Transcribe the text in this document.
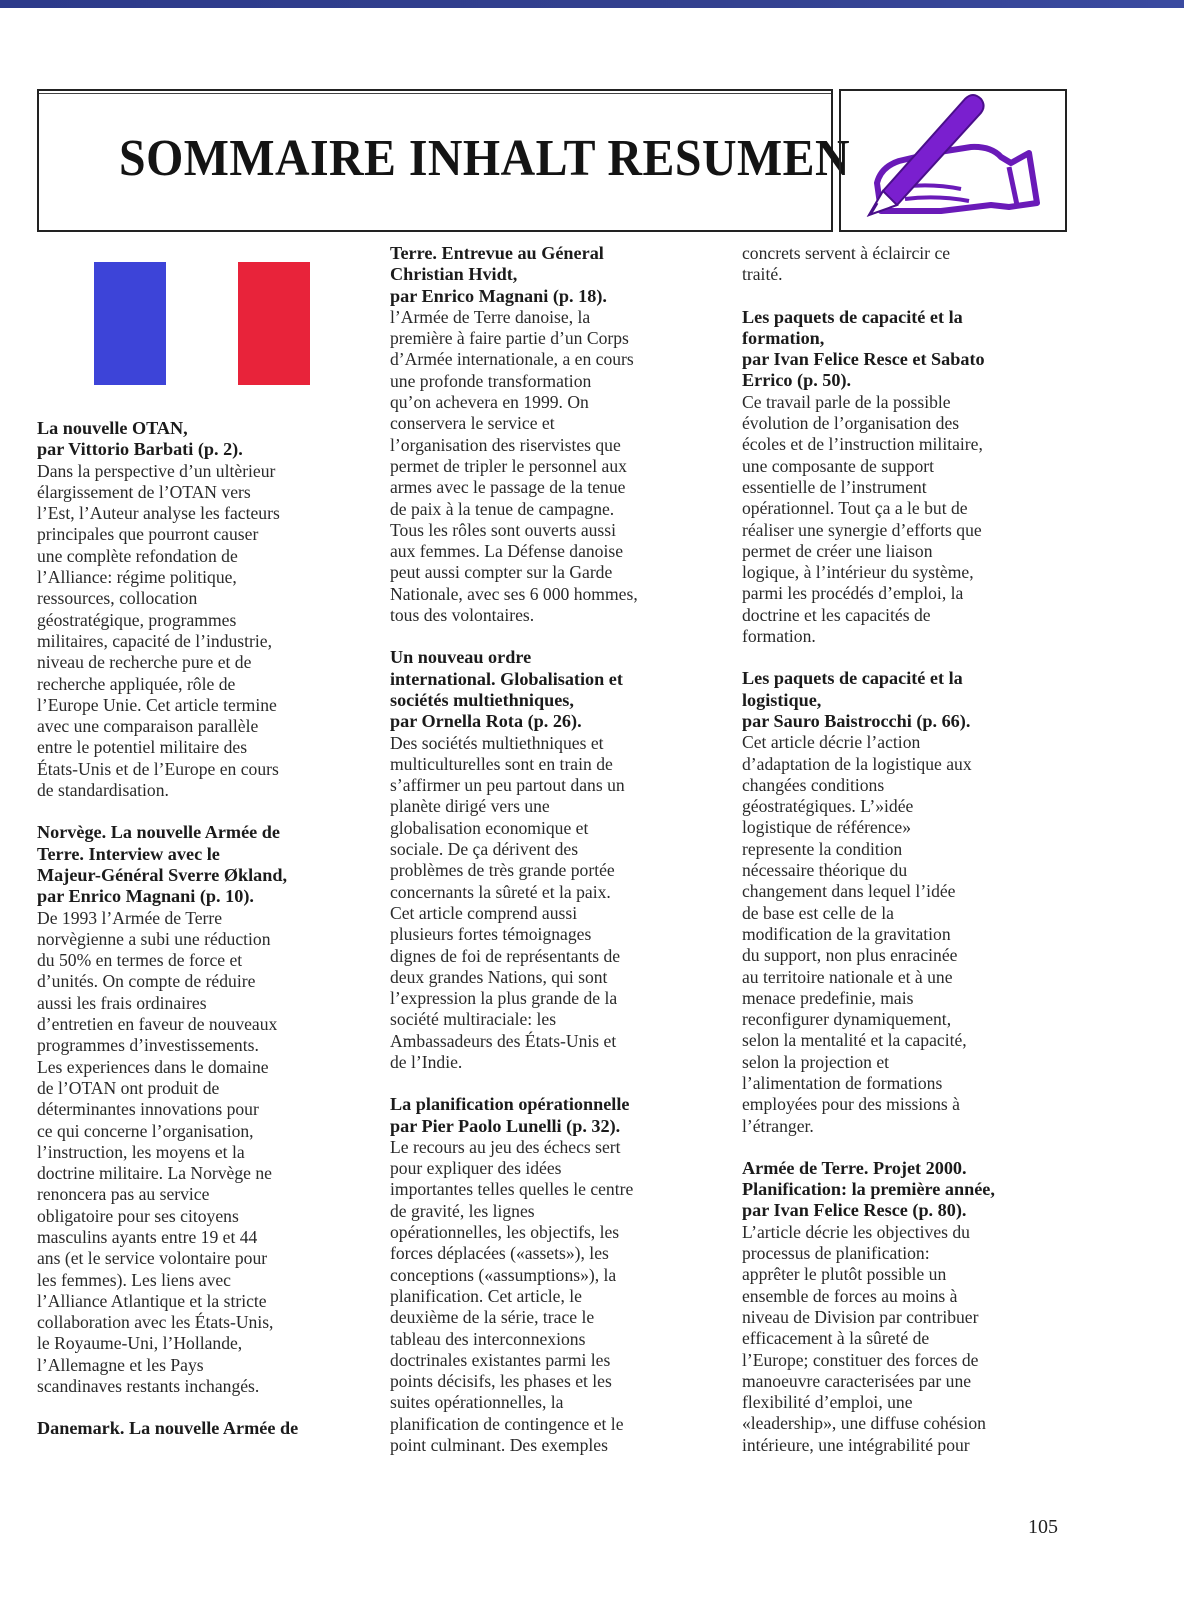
SOMMAIRE INHALT RESUMEN
La nouvelle OTAN,
par Vittorio Barbati (p. 2).
Dans la perspective d’un ultèrieur
élargissement de l’OTAN vers
l’Est, l’Auteur analyse les facteurs
principales que pourront causer
une complète refondation de
l’Alliance: régime politique,
ressources, collocation
géostratégique, programmes
militaires, capacité de l’industrie,
niveau de recherche pure et de
recherche appliquée, rôle de
l’Europe Unie. Cet article termine
avec une comparaison parallèle
entre le potentiel militaire des
États-Unis et de l’Europe en cours
de standardisation.
Norvège. La nouvelle Armée de
Terre. Interview avec le
Majeur-Général Sverre Økland,
par Enrico Magnani (p. 10).
De 1993 l’Armée de Terre
norvègienne a subi une réduction
du 50% en termes de force et
d’unités. On compte de réduire
aussi les frais ordinaires
d’entretien en faveur de nouveaux
programmes d’investissements.
Les experiences dans le domaine
de l’OTAN ont produit de
déterminantes innovations pour
ce qui concerne l’organisation,
l’instruction, les moyens et la
doctrine militaire. La Norvège ne
renoncera pas au service
obligatoire pour ses citoyens
masculins ayants entre 19 et 44
ans (et le service volontaire pour
les femmes). Les liens avec
l’Alliance Atlantique et la stricte
collaboration avec les États-Unis,
le Royaume-Uni, l’Hollande,
l’Allemagne et les Pays
scandinaves restants inchangés.
Danemark. La nouvelle Armée de
Terre. Entrevue au Géneral
Christian Hvidt,
par Enrico Magnani (p. 18).
l’Armée de Terre danoise, la
première à faire partie d’un Corps
d’Armée internationale, a en cours
une profonde transformation
qu’on achevera en 1999. On
conservera le service et
l’organisation des riservistes que
permet de tripler le personnel aux
armes avec le passage de la tenue
de paix à la tenue de campagne.
Tous les rôles sont ouverts aussi
aux femmes. La Défense danoise
peut aussi compter sur la Garde
Nationale, avec ses 6 000 hommes,
tous des volontaires.
Un nouveau ordre
international. Globalisation et
sociétés multiethniques,
par Ornella Rota (p. 26).
Des sociétés multiethniques et
multiculturelles sont en train de
s’affirmer un peu partout dans un
planète dirigé vers une
globalisation economique et
sociale. De ça dérivent des
problèmes de très grande portée
concernants la sûreté et la paix.
Cet article comprend aussi
plusieurs fortes témoignages
dignes de foi de représentants de
deux grandes Nations, qui sont
l’expression la plus grande de la
société multiraciale: les
Ambassadeurs des États-Unis et
de l’Indie.
La planification opérationnelle
par Pier Paolo Lunelli (p. 32).
Le recours au jeu des échecs sert
pour expliquer des idées
importantes telles quelles le centre
de gravité, les lignes
opérationnelles, les objectifs, les
forces déplacées («assets»), les
conceptions («assumptions»), la
planification. Cet article, le
deuxième de la série, trace le
tableau des interconnexions
doctrinales existantes parmi les
points décisifs, les phases et les
suites opérationnelles, la
planification de contingence et le
point culminant. Des exemples
concrets servent à éclaircir ce
traité.
Les paquets de capacité et la
formation,
par Ivan Felice Resce et Sabato
Errico (p. 50).
Ce travail parle de la possible
évolution de l’organisation des
écoles et de l’instruction militaire,
une composante de support
essentielle de l’instrument
opérationnel. Tout ça a le but de
réaliser une synergie d’efforts que
permet de créer une liaison
logique, à l’intérieur du système,
parmi les procédés d’emploi, la
doctrine et les capacités de
formation.
Les paquets de capacité et la
logistique,
par Sauro Baistrocchi (p. 66).
Cet article décrie l’action
d’adaptation de la logistique aux
changées conditions
géostratégiques. L’»idée
logistique de référence»
represente la condition
nécessaire théorique du
changement dans lequel l’idée
de base est celle de la
modification de la gravitation
du support, non plus enracinée
au territoire nationale et à une
menace predefinie, mais
reconfigurer dynamiquement,
selon la mentalité et la capacité,
selon la projection et
l’alimentation de formations
employées pour des missions à
l’étranger.
Armée de Terre. Projet 2000.
Planification: la première année,
par Ivan Felice Resce (p. 80).
L’article décrie les objectives du
processus de planification:
apprêter le plutôt possible un
ensemble de forces au moins à
niveau de Division par contribuer
efficacement à la sûreté de
l’Europe; constituer des forces de
manoeuvre caracterisées par une
flexibilité d’emploi, une
«leadership», une diffuse cohésion
intérieure, une intégrabilité pour
105
